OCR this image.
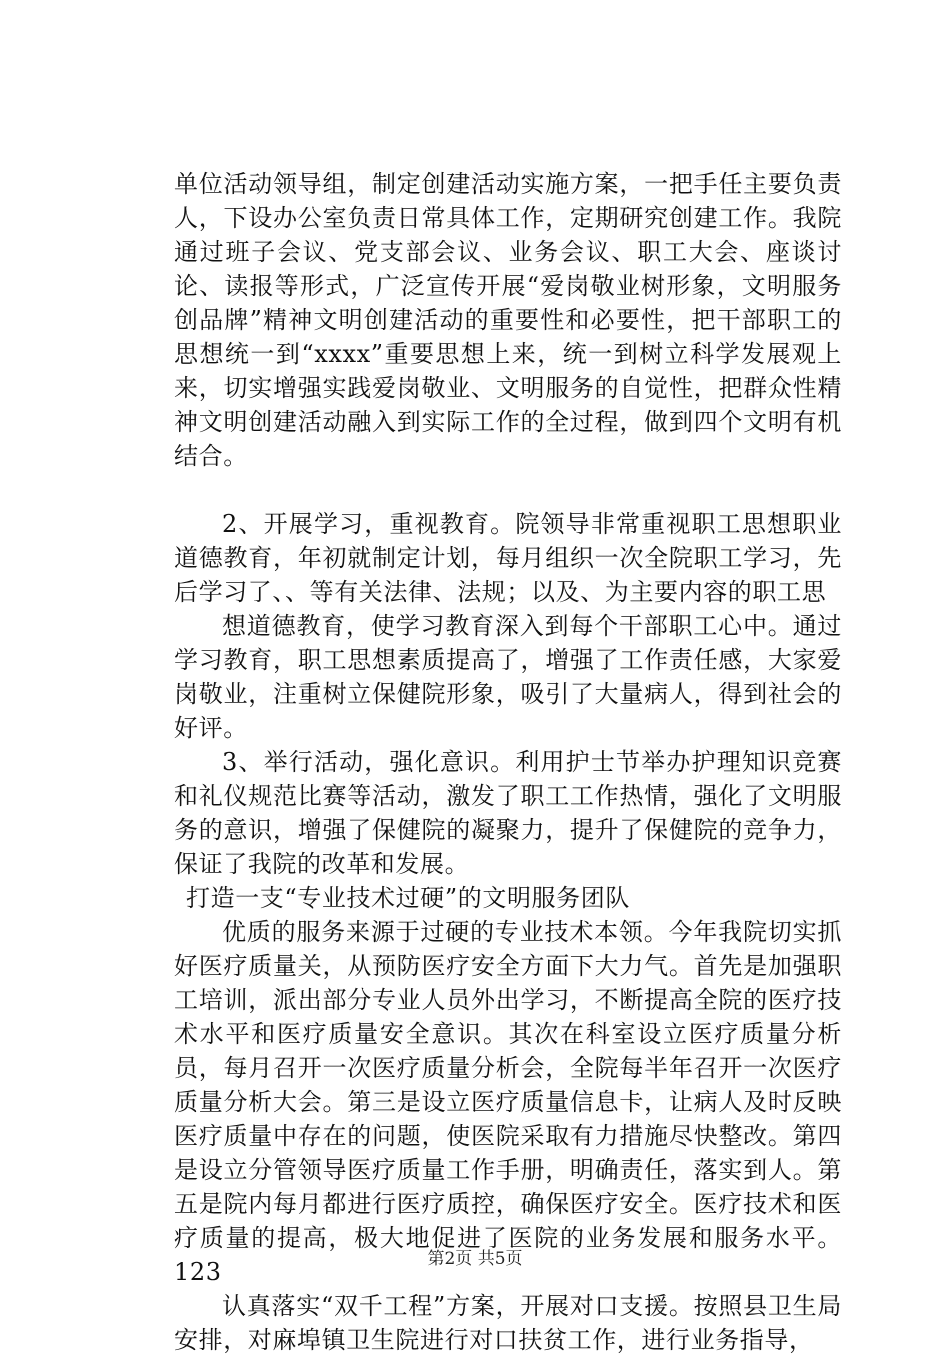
单位活动领导组，制定创建活动实施方案，一把手任主要负责人，下设办公室负责日常具体工作，定期研究创建工作。我院通过班子会议、党支部会议、业务会议、职工大会、座谈讨论、读报等形式，广泛宣传开展“爱岗敬业树形象，文明服务创品牌”精神文明创建活动的重要性和必要性，把干部职工的思想统一到“xxxx”重要思想上来，统一到树立科学发展观上来，切实增强实践爱岗敬业、文明服务的自觉性，把群众性精神文明创建活动融入到实际工作的全过程，做到四个文明有机结合。

2、开展学习，重视教育。院领导非常重视职工思想职业道德教育，年初就制定计划，每月组织一次全院职工学习，先后学习了、、等有关法律、法规；以及、为主要内容的职工思

想道德教育，使学习教育深入到每个干部职工心中。通过学习教育，职工思想素质提高了，增强了工作责任感，大家爱岗敬业，注重树立保健院形象，吸引了大量病人，得到社会的好评。

3、举行活动，强化意识。利用护士节举办护理知识竞赛和礼仪规范比赛等活动，激发了职工工作热情，强化了文明服务的意识，增强了保健院的凝聚力，提升了保健院的竞争力，保证了我院的改革和发展。

打造一支“专业技术过硬”的文明服务团队

优质的服务来源于过硬的专业技术本领。今年我院切实抓好医疗质量关，从预防医疗安全方面下大力气。首先是加强职工培训，派出部分专业人员外出学习，不断提高全院的医疗技术水平和医疗质量安全意识。其次在科室设立医疗质量分析员，每月召开一次医疗质量分析会，全院每半年召开一次医疗质量分析大会。第三是设立医疗质量信息卡，让病人及时反映医疗质量中存在的问题，使医院采取有力措施尽快整改。第四是设立分管领导医疗质量工作手册，明确责任，落实到人。第五是院内每月都进行医疗质控，确保医疗安全。医疗技术和医疗质量的提高，极大地促进了医院的业务发展和服务水平。123

认真落实“双千工程”方案，开展对口支援。按照县卫生局安排，对麻埠镇卫生院进行对口扶贫工作，进行业务指导，

第2页 共5页
